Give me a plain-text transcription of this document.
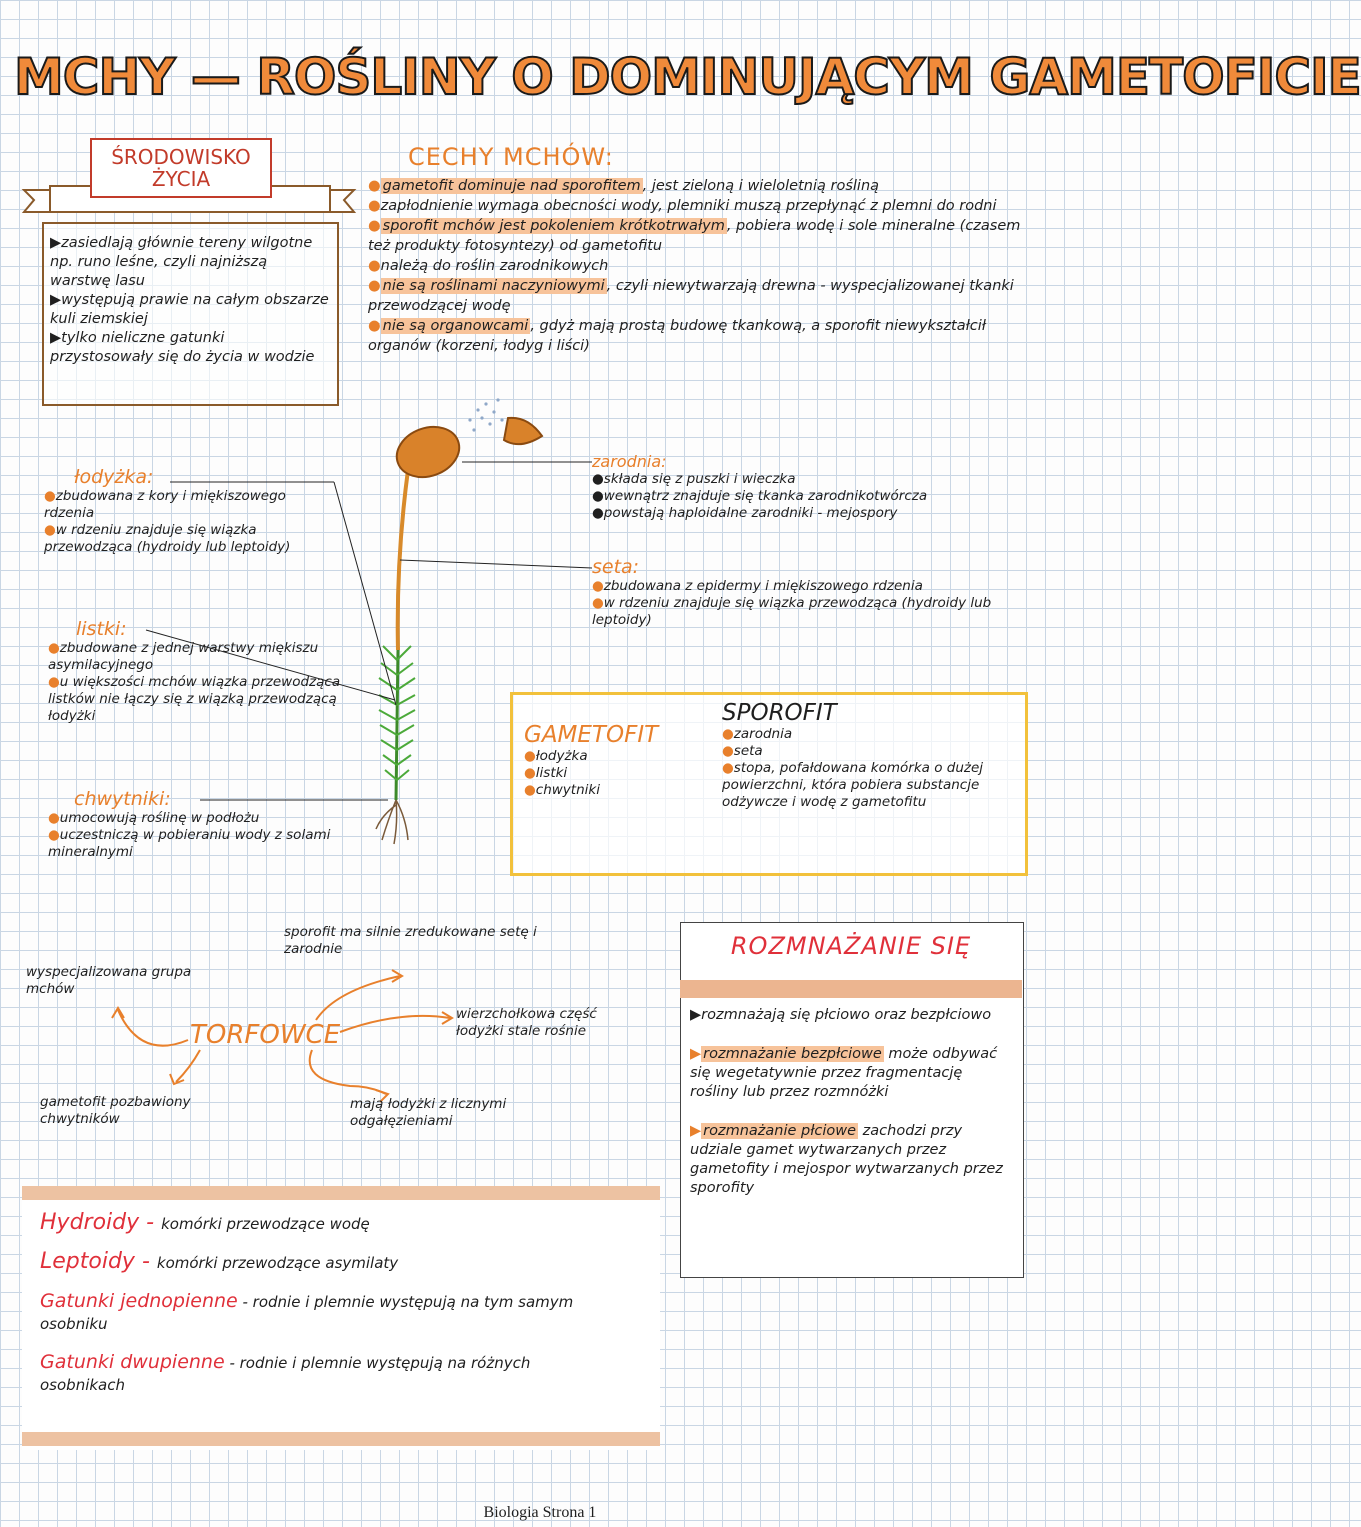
MCHY — ROŚLINY O DOMINUJĄCYM GAMETOFICIE
ŚRODOWISKO
ŻYCIA
▶zasiedlają głównie tereny wilgotne np. runo leśne, czyli najniższą warstwę lasu
▶występują prawie na całym obszarze kuli ziemskiej
▶tylko nieliczne gatunki przystosowały się do życia w wodzie
CECHY MCHÓW:
● gametofit dominuje nad sporofitem , jest zieloną i wieloletnią rośliną
●zapłodnienie wymaga obecności wody, plemniki muszą przepłynąć z plemni do rodni
● sporofit mchów jest pokoleniem krótkotrwałym , pobiera wodę i sole mineralne (czasem też produkty fotosyntezy) od gametofitu
●należą do roślin zarodnikowych
● nie są roślinami naczyniowymi , czyli niewytwarzają drewna - wyspecjalizowanej tkanki przewodzącej wodę
● nie są organowcami , gdyż mają prostą budowę tkankową, a sporofit niewykształcił organów (korzeni, łodyg i liści)
łodyżka:
●zbudowana z kory i miękiszowego rdzenia
●w rdzeniu znajduje się wiązka przewodząca (hydroidy lub leptoidy)
listki:
●zbudowane z jednej warstwy miękiszu asymilacyjnego
●u większości mchów wiązka przewodząca listków nie łączy się z wiązką przewodzącą łodyżki
chwytniki:
●umocowują roślinę w podłożu
●uczestniczą w pobieraniu wody z solami mineralnymi
zarodnia:
●składa się z puszki i wieczka
●wewnątrz znajduje się tkanka zarodnikotwórcza
●powstają haploidalne zarodniki - mejospory
seta:
●zbudowana z epidermy i miękiszowego rdzenia
●w rdzeniu znajduje się wiązka przewodząca (hydroidy lub leptoidy)
GAMETOFIT
●łodyżka
●listki
●chwytniki
SPOROFIT
●zarodnia
●seta
●stopa, pofałdowana komórka o dużej powierzchni, która pobiera substancje odżywcze i wodę z gametofitu
TORFOWCE
sporofit ma silnie zredukowane setę i zarodnie
wyspecjalizowana grupa mchów
wierzchołkowa część łodyżki stale rośnie
gametofit pozbawiony chwytników
mają łodyżki z licznymi odgałęzieniami
ROZMNAŻANIE SIĘ
▶rozmnażają się płciowo oraz bezpłciowo
▶ rozmnażanie bezpłciowe może odbywać się wegetatywnie przez fragmentację rośliny lub przez rozmnóżki
▶ rozmnażanie płciowe zachodzi przy udziale gamet wytwarzanych przez gametofity i mejospor wytwarzanych przez sporofity
Hydroidy - komórki przewodzące wodę
Leptoidy - komórki przewodzące asymilaty
Gatunki jednopienne - rodnie i plemnie występują na tym samym osobniku
Gatunki dwupienne - rodnie i plemnie występują na różnych osobnikach
Biologia Strona 1
